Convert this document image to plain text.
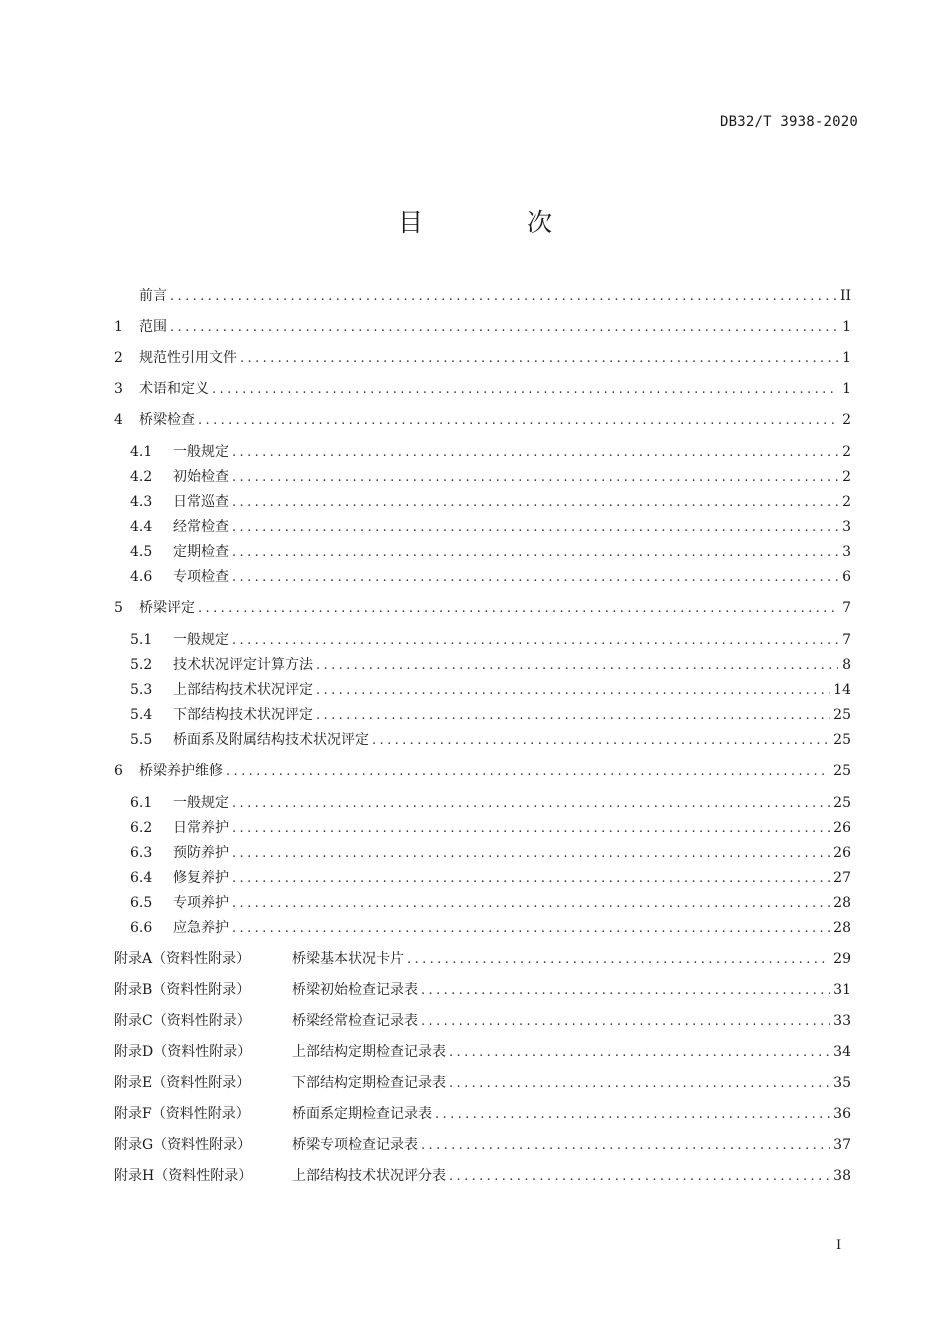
DB32/T 3938-2020
目 次
前言 .....	II
1	范围 .....	1
2	规范性引用文件 .....	1
3	术语和定义 .....	1
4	桥梁检查 .....	2
4.1	一般规定 .....	2
4.2	初始检查 .....	2
4.3	日常巡查 .....	2
4.4	经常检查 .....	3
4.5	定期检查 .....	3
4.6	专项检查 .....	6
5	桥梁评定 .....	7
5.1	一般规定 .....	7
5.2	技术状况评定计算方法 .....	8
5.3	上部结构技术状况评定 .....	14
5.4	下部结构技术状况评定 .....	25
5.5	桥面系及附属结构技术状况评定 .....	25
6	桥梁养护维修 .....	25
6.1	一般规定 .....	25
6.2	日常养护 .....	26
6.3	预防养护 .....	26
6.4	修复养护 .....	27
6.5	专项养护 .....	28
6.6	应急养护 .....	28
附录A（资料性附录）	桥梁基本状况卡片 .....	29
附录B（资料性附录）	桥梁初始检查记录表 .....	31
附录C（资料性附录）	桥梁经常检查记录表 .....	33
附录D（资料性附录）	上部结构定期检查记录表 .....	34
附录E（资料性附录）	下部结构定期检查记录表 .....	35
附录F（资料性附录）	桥面系定期检查记录表 .....	36
附录G（资料性附录）	桥梁专项检查记录表 .....	37
附录H（资料性附录）	上部结构技术状况评分表 .....	38
I
